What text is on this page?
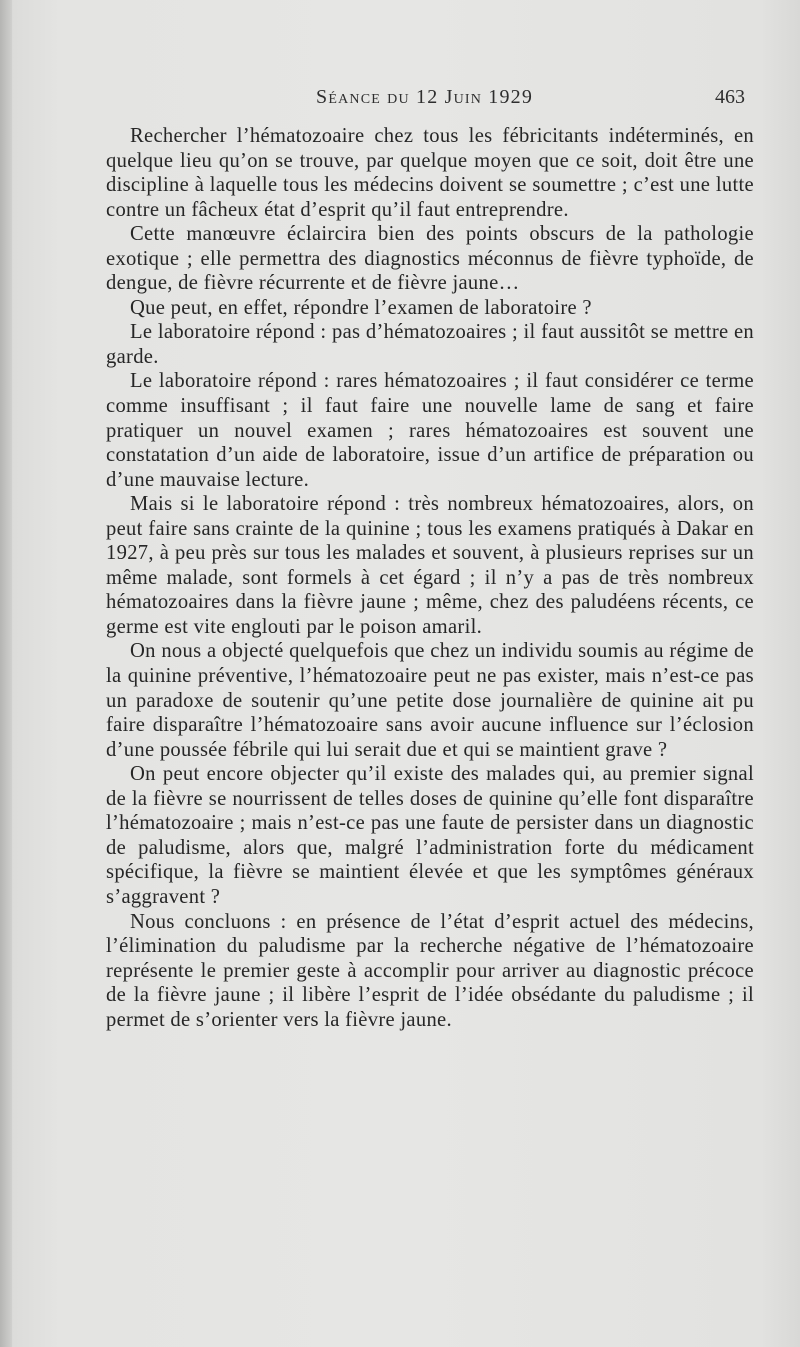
Séance du 12 Juin 1929	463

Rechercher l’hématozoaire chez tous les fébricitants indéterminés, en quelque lieu qu’on se trouve, par quelque moyen que ce soit, doit être une discipline à laquelle tous les médecins doivent se soumettre ; c’est une lutte contre un fâcheux état d’esprit qu’il faut entreprendre.

Cette manœuvre éclaircira bien des points obscurs de la pathologie exotique ; elle permettra des diagnostics méconnus de fièvre typhoïde, de dengue, de fièvre récurrente et de fièvre jaune…

Que peut, en effet, répondre l’examen de laboratoire ?

Le laboratoire répond : pas d’hématozoaires ; il faut aussitôt se mettre en garde.

Le laboratoire répond : rares hématozoaires ; il faut considérer ce terme comme insuffisant ; il faut faire une nouvelle lame de sang et faire pratiquer un nouvel examen ; rares hématozoaires est souvent une constatation d’un aide de laboratoire, issue d’un artifice de préparation ou d’une mauvaise lecture.

Mais si le laboratoire répond : très nombreux hématozoaires, alors, on peut faire sans crainte de la quinine ; tous les examens pratiqués à Dakar en 1927, à peu près sur tous les malades et souvent, à plusieurs reprises sur un même malade, sont formels à cet égard ; il n’y a pas de très nombreux hématozoaires dans la fièvre jaune ; même, chez des paludéens récents, ce germe est vite englouti par le poison amaril.

On nous a objecté quelquefois que chez un individu soumis au régime de la quinine préventive, l’hématozoaire peut ne pas exister, mais n’est-ce pas un paradoxe de soutenir qu’une petite dose journalière de quinine ait pu faire disparaître l’hématozoaire sans avoir aucune influence sur l’éclosion d’une poussée fébrile qui lui serait due et qui se maintient grave ?

On peut encore objecter qu’il existe des malades qui, au premier signal de la fièvre se nourrissent de telles doses de quinine qu’elle font disparaître l’hématozoaire ; mais n’est-ce pas une faute de persister dans un diagnostic de paludisme, alors que, malgré l’administration forte du médicament spécifique, la fièvre se maintient élevée et que les symptômes généraux s’aggravent ?

Nous concluons : en présence de l’état d’esprit actuel des médecins, l’élimination du paludisme par la recherche négative de l’hématozoaire représente le premier geste à accomplir pour arriver au diagnostic précoce de la fièvre jaune ; il libère l’esprit de l’idée obsédante du paludisme ; il permet de s’orienter vers la fièvre jaune.
